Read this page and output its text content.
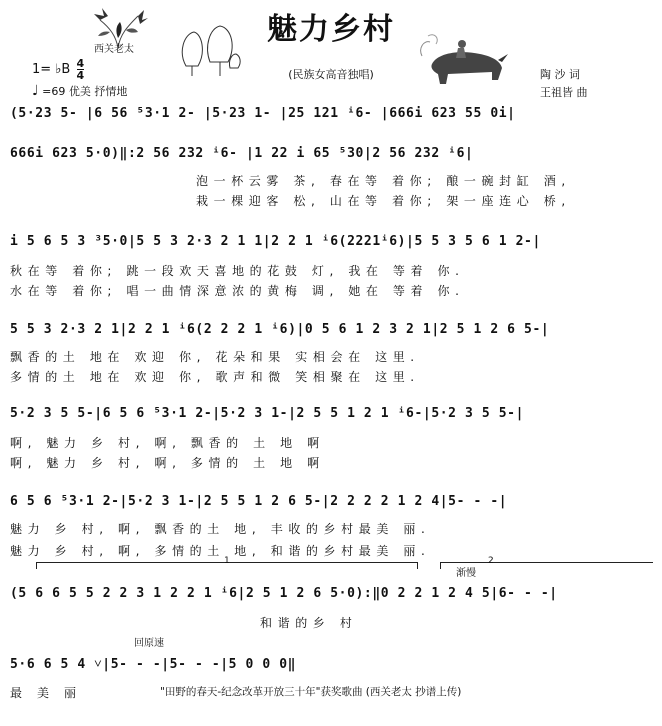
西关老太
魅力乡村
(民族女高音独唱)	陶 沙 词
王祖皆 曲
1= ♭B $\frac{4}{4}$
♩ =69 优美 抒情地
(5·23 5- |6 56 ⁵3·1 2- |5·23 1- |25 121 ⁱ6- |666i 623 55 0i|
666i 623 5·0)‖:2 56 232 ⁱ6- |1 22 i 65 ⁵30|2 56 232 ⁱ6|
泡一杯云雾 茶, 春在等 着你; 酿一碗封缸 酒,
栽一棵迎客 松, 山在等 着你; 架一座连心 桥,
i 5 6 5 3 ³5·0|5 5 3 2·3 2 1 1|2 2 1 ⁱ6(2221ⁱ6)|5 5 3 5 6 1 2-|
秋在等 着你; 跳一段欢天喜地的花鼓 灯, 我在 等着 你.
水在等 着你; 唱一曲情深意浓的黄梅 调, 她在 等着 你.
5 5 3 2·3 2 1|2 2 1 ⁱ6(2 2 2 1 ⁱ6)|0 5 6 1 2 3 2 1|2 5 1 2 6 5-|
飘香的土 地在 欢迎 你, 花朵和果 实相会在 这里.
多情的土 地在 欢迎 你, 歌声和微 笑相聚在 这里.
5·2 3 5 5-|6 5 6 ⁵3·1 2-|5·2 3 1-|2 5 5 1 2 1 ⁱ6-|5·2 3 5 5-|
啊, 魅力 乡 村, 啊, 飘香的 土 地 啊
啊, 魅力 乡 村, 啊, 多情的 土 地 啊
6 5 6 ⁵3·1 2-|5·2 3 1-|2 5 5 1 2 6 5-|2 2 2 2 1 2 4|5- - -|
魅力 乡 村, 啊, 飘香的土 地, 丰收的乡村最美 丽.
魅力 乡 村, 啊, 多情的土 地, 和谐的乡村最美 丽.
1	2
渐慢
(5 6 6 5 5 2 2 3 1 2 2 1 ⁱ6|2 5 1 2 6 5·0):‖0 2 2 1 2 4 5|6- - -|
和谐的乡 村
回原速
5·6 6 5 4 ˅|5- - -|5- - -|5 0 0 0‖
最 美 丽	"田野的春天-纪念改革开放三十年"获奖歌曲 (西关老太 抄谱上传)
